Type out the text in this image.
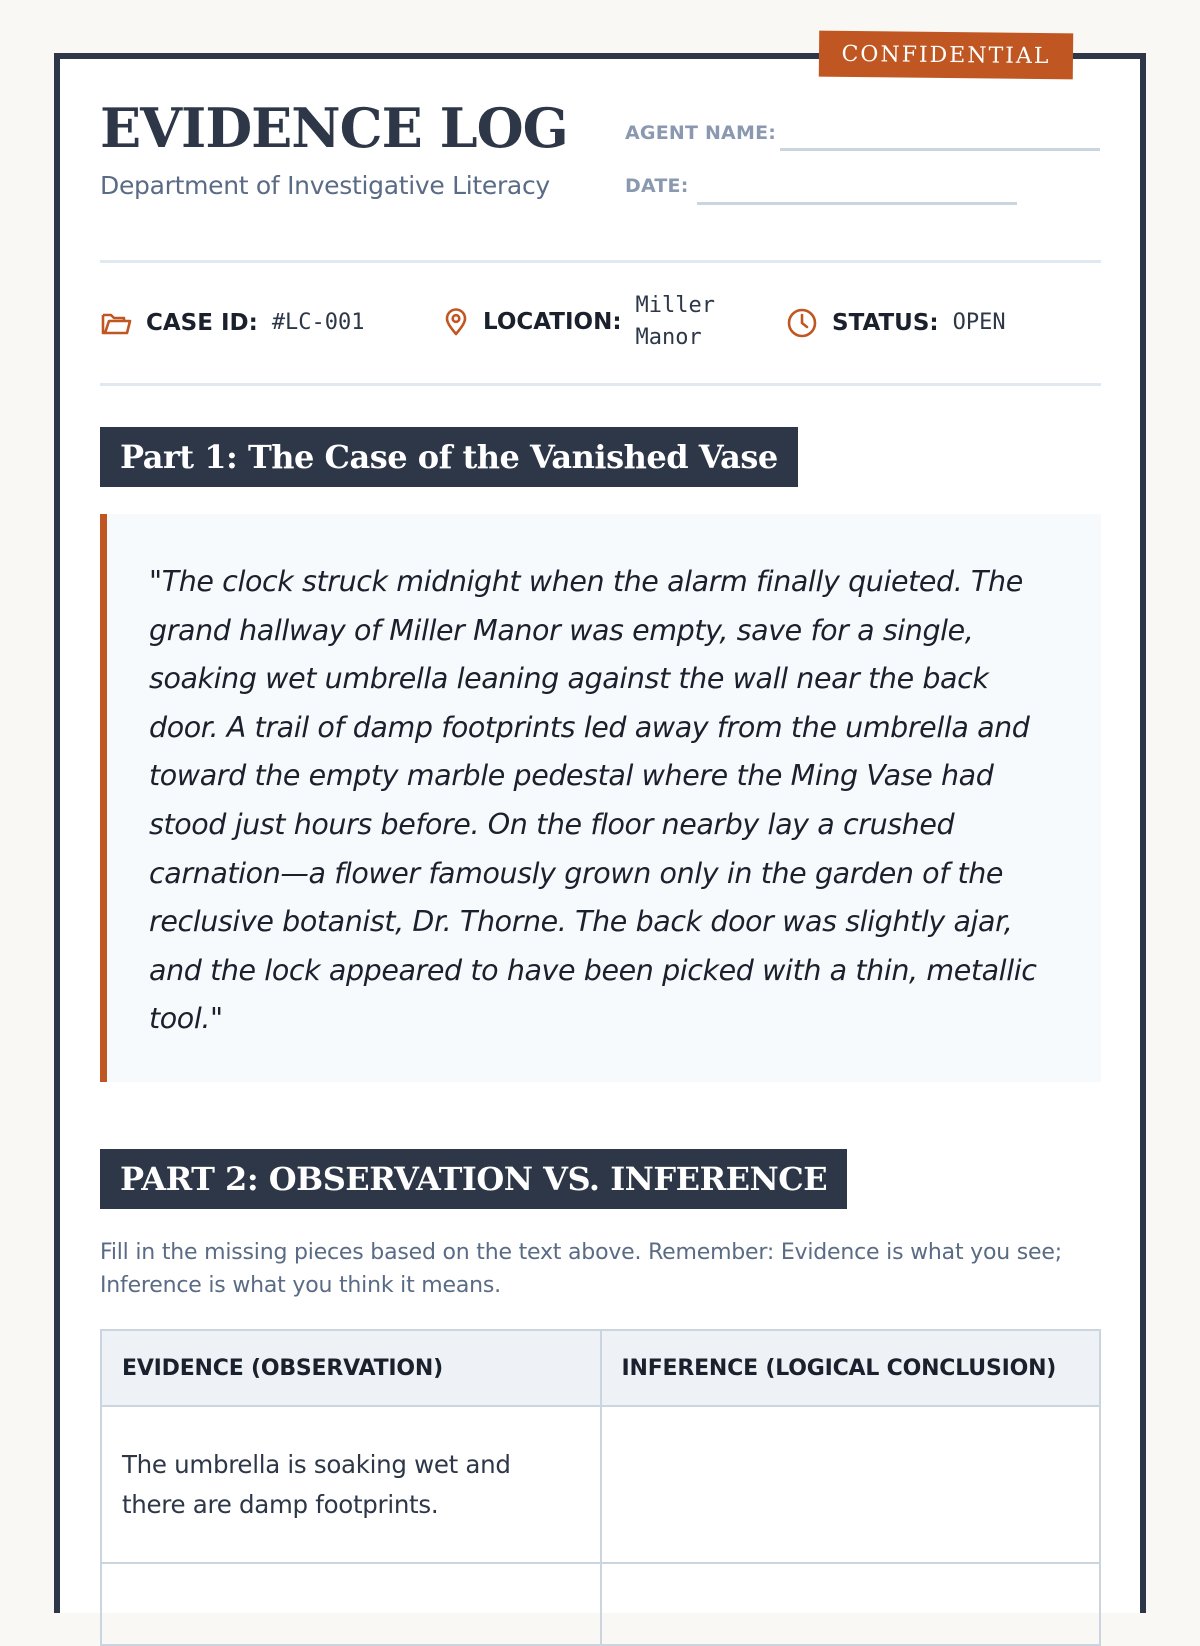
CONFIDENTIAL
EVIDENCE LOG
Department of Investigative Literacy
AGENT NAME:
DATE:
CASE ID: #LC-001	LOCATION:
Miller Manor
STATUS: OPEN
Part 1: The Case of the Vanished Vase
"The clock struck midnight when the alarm finally quieted. The grand hallway of Miller Manor was empty, save for a single, soaking wet umbrella leaning against the wall near the back door. A trail of damp footprints led away from the umbrella and toward the empty marble pedestal where the Ming Vase had stood just hours before. On the floor nearby lay a crushed carnation—a flower famously grown only in the garden of the reclusive botanist, Dr. Thorne. The back door was slightly ajar, and the lock appeared to have been picked with a thin, metallic tool."
PART 2: OBSERVATION VS. INFERENCE
Fill in the missing pieces based on the text above. Remember: Evidence is what you see; Inference is what you think it means.
EVIDENCE (OBSERVATION)	INFERENCE (LOGICAL CONCLUSION)
The umbrella is soaking wet and there are damp footprints.	
